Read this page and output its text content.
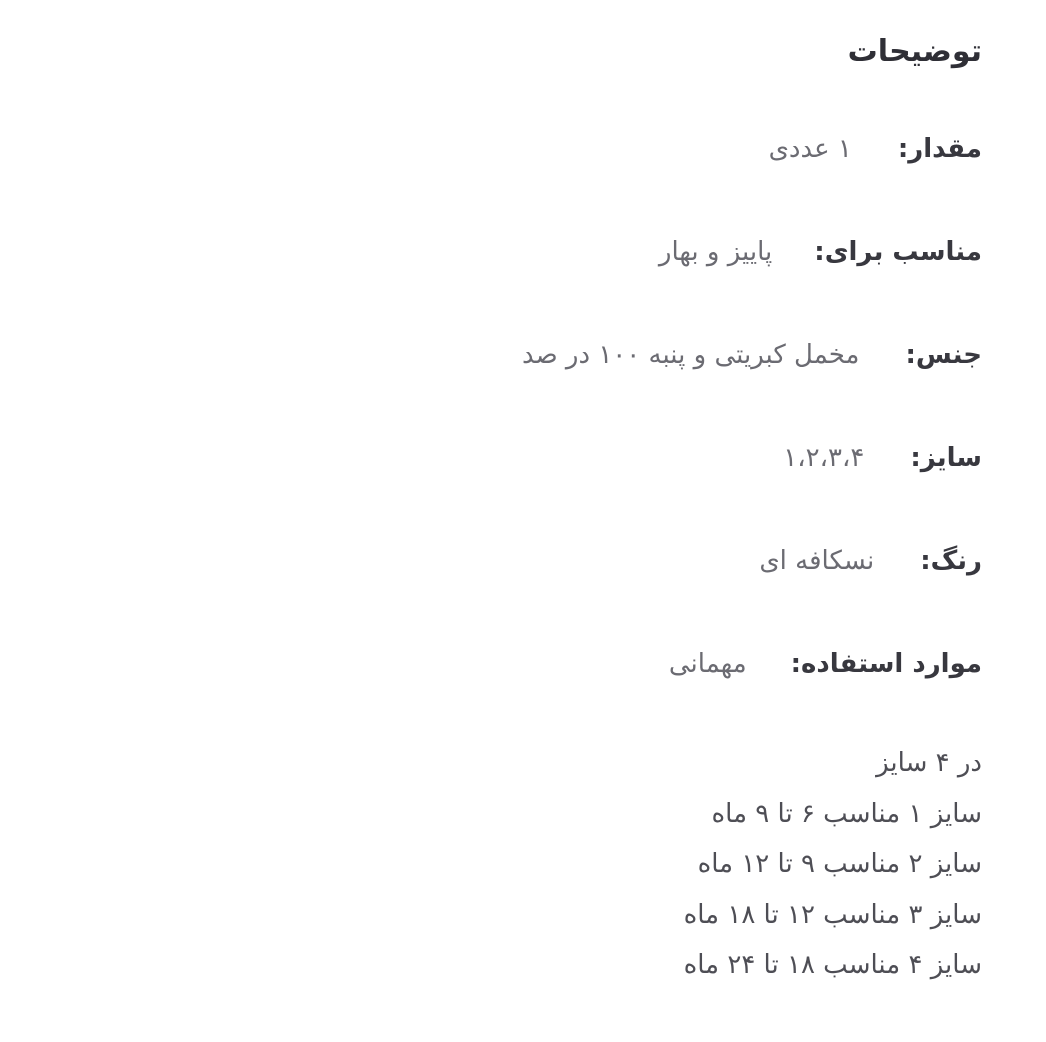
توضیحات
مقدار:
۱ عددی
مناسب برای:
پاییز و بهار
جنس:
مخمل کبریتی و پنبه ۱۰۰ در صد
سایز:
۱،۲،۳،۴
رنگ:
نسکافه ای
موارد استفاده:
مهمانی
در ۴ سایز
سایز ۱ مناسب ۶ تا ۹ ماه
سایز ۲ مناسب ۹ تا ۱۲ ماه
سایز ۳ مناسب ۱۲ تا ۱۸ ماه
سایز ۴ مناسب ۱۸ تا ۲۴ ماه
